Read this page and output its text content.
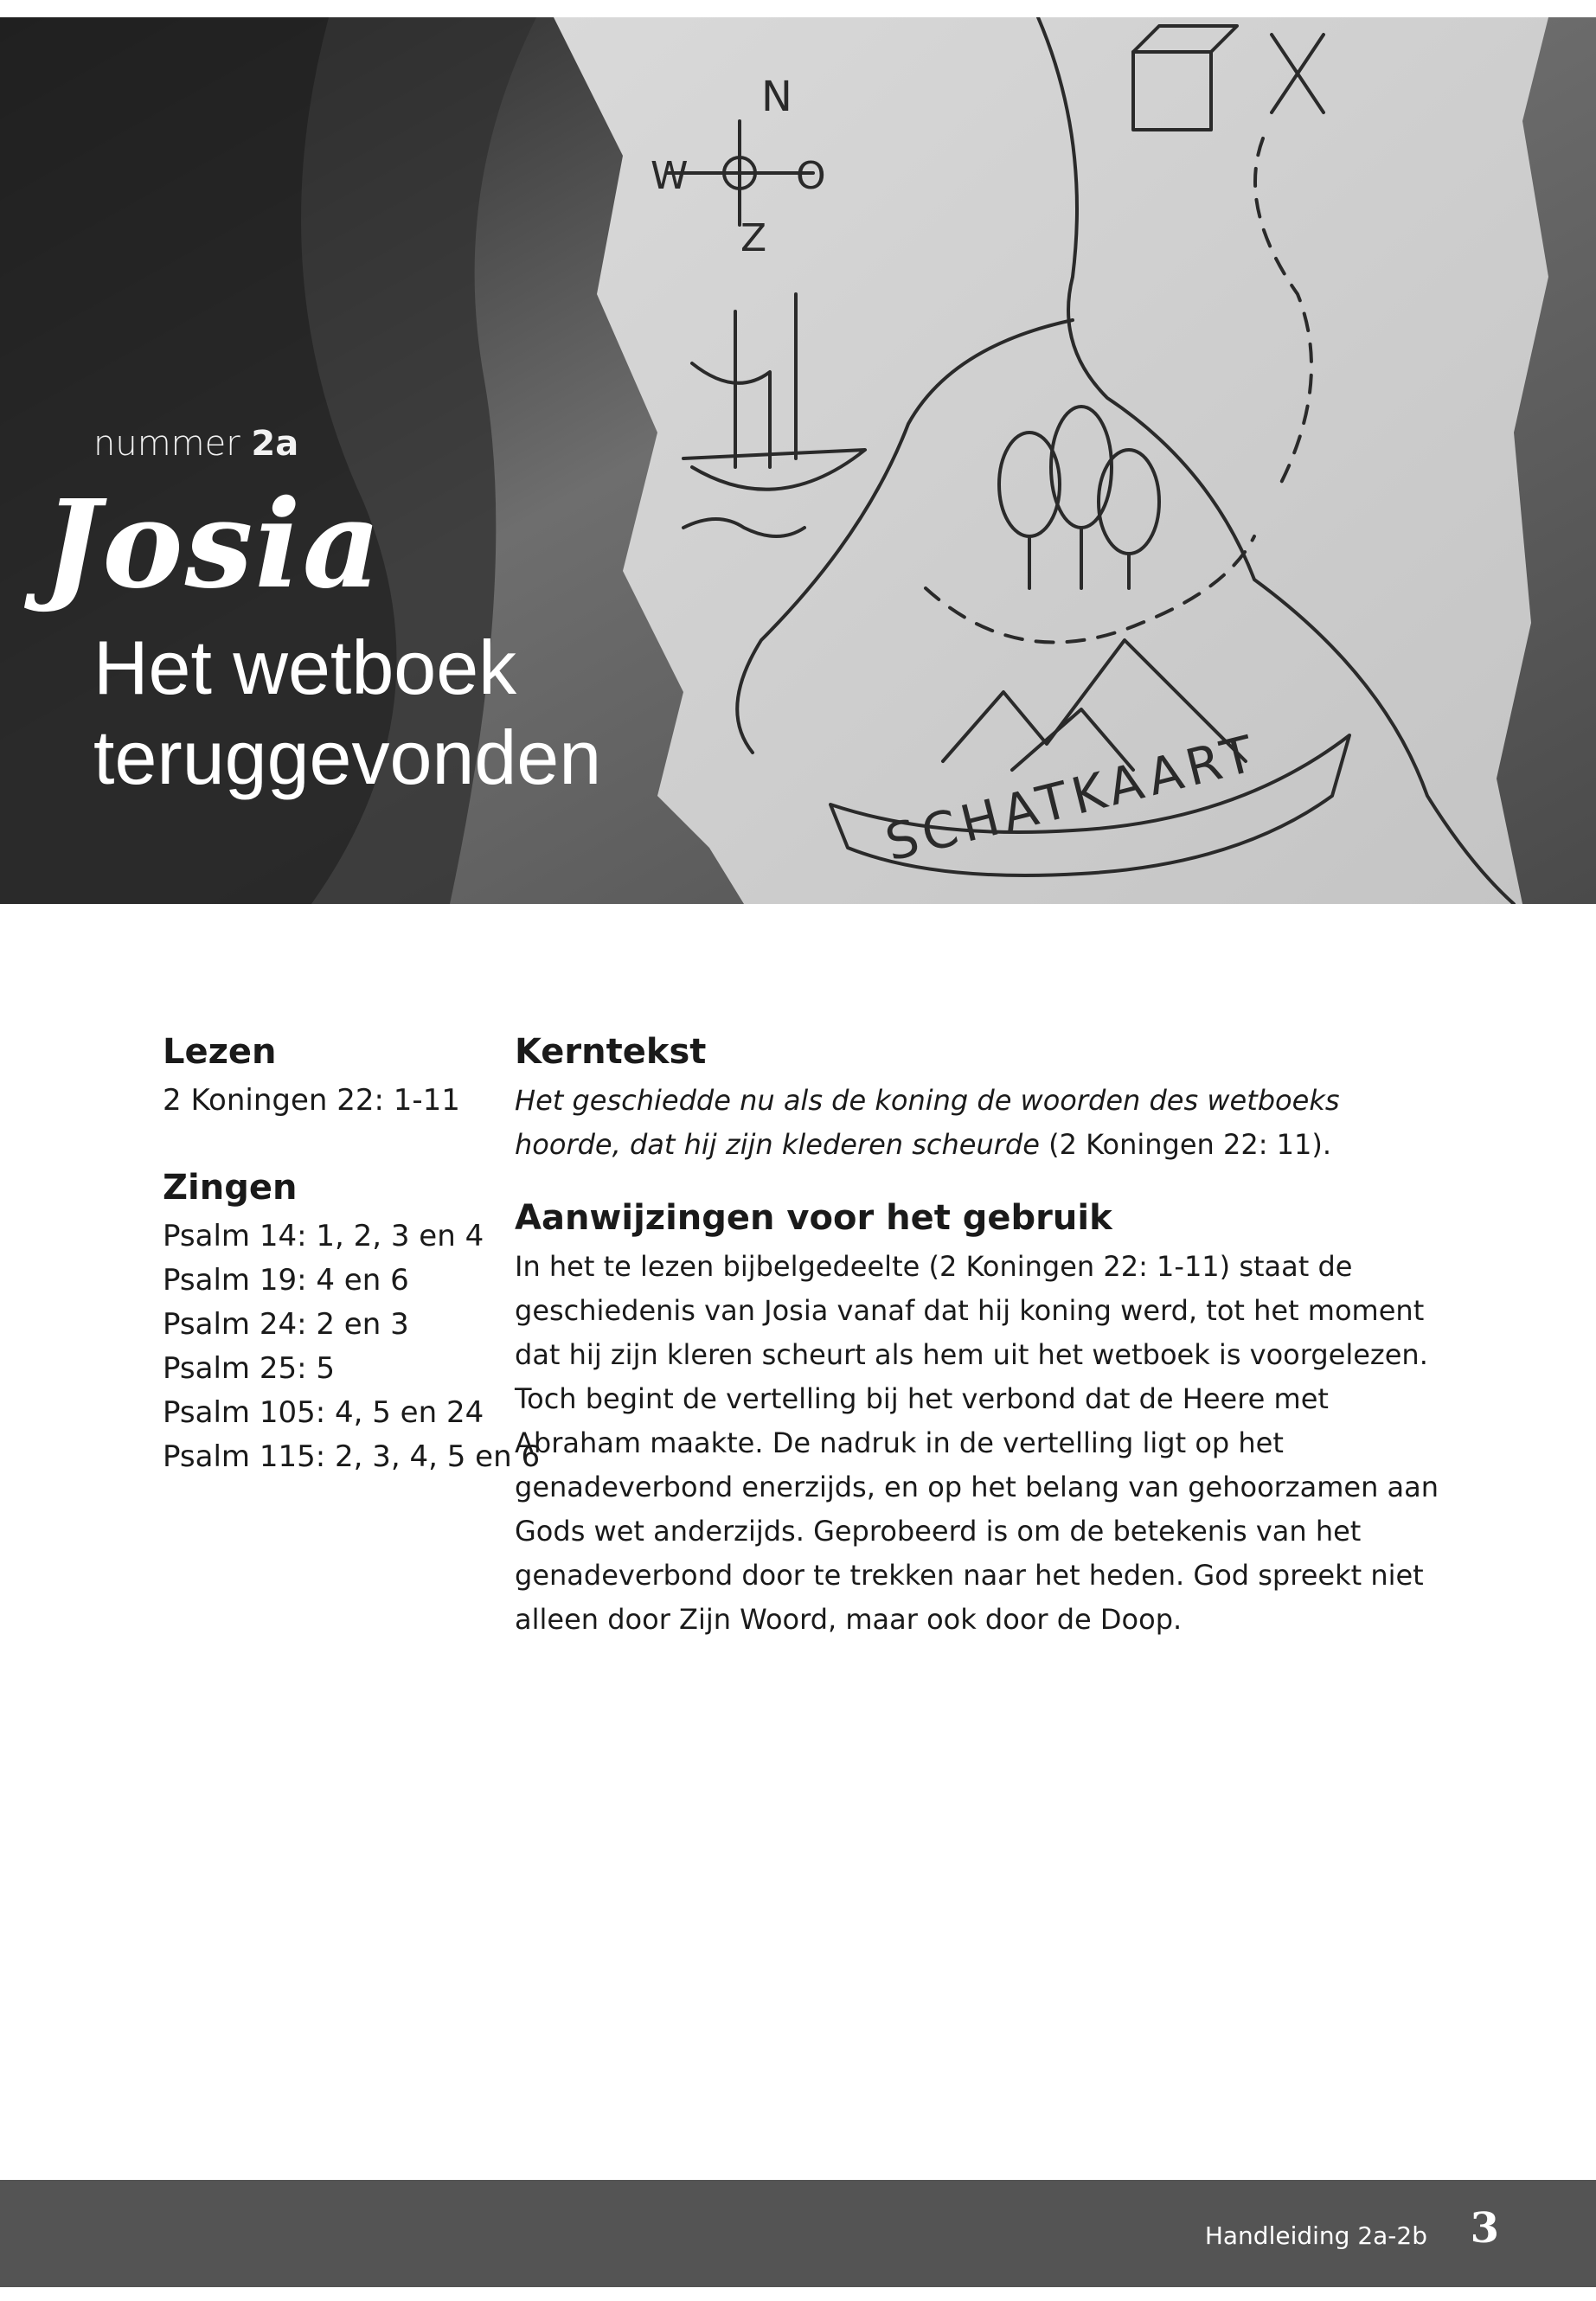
N
W	O
Z
SCHATKAART
nummer 2a
Josia
Het wetboek
teruggevonden
Lezen

2 Koningen 22: 1-11

Zingen
Psalm 14: 1, 2, 3 en 4
Psalm 19: 4 en 6
Psalm 24: 2 en 3
Psalm 25: 5
Psalm 105: 4, 5 en 24
Psalm 115: 2, 3, 4, 5 en 6
Kerntekst

Het geschiedde nu als de koning de woorden des wetboeks hoorde, dat hij zijn klederen scheurde (2 Koningen 22: 11).

Aanwijzingen voor het gebruik

In het te lezen bijbelgedeelte (2 Koningen 22: 1-11) staat de geschiedenis van Josia vanaf dat hij koning werd, tot het moment dat hij zijn kleren scheurt als hem uit het wetboek is voorgelezen. Toch begint de vertelling bij het verbond dat de Heere met Abraham maakte. De nadruk in de vertelling ligt op het genadeverbond enerzijds, en op het belang van gehoorzamen aan Gods wet anderzijds. Geprobeerd is om de betekenis van het genadeverbond door te trekken naar het heden. God spreekt niet alleen door Zijn Woord, maar ook door de Doop.

Handleiding 2a-2b 3
